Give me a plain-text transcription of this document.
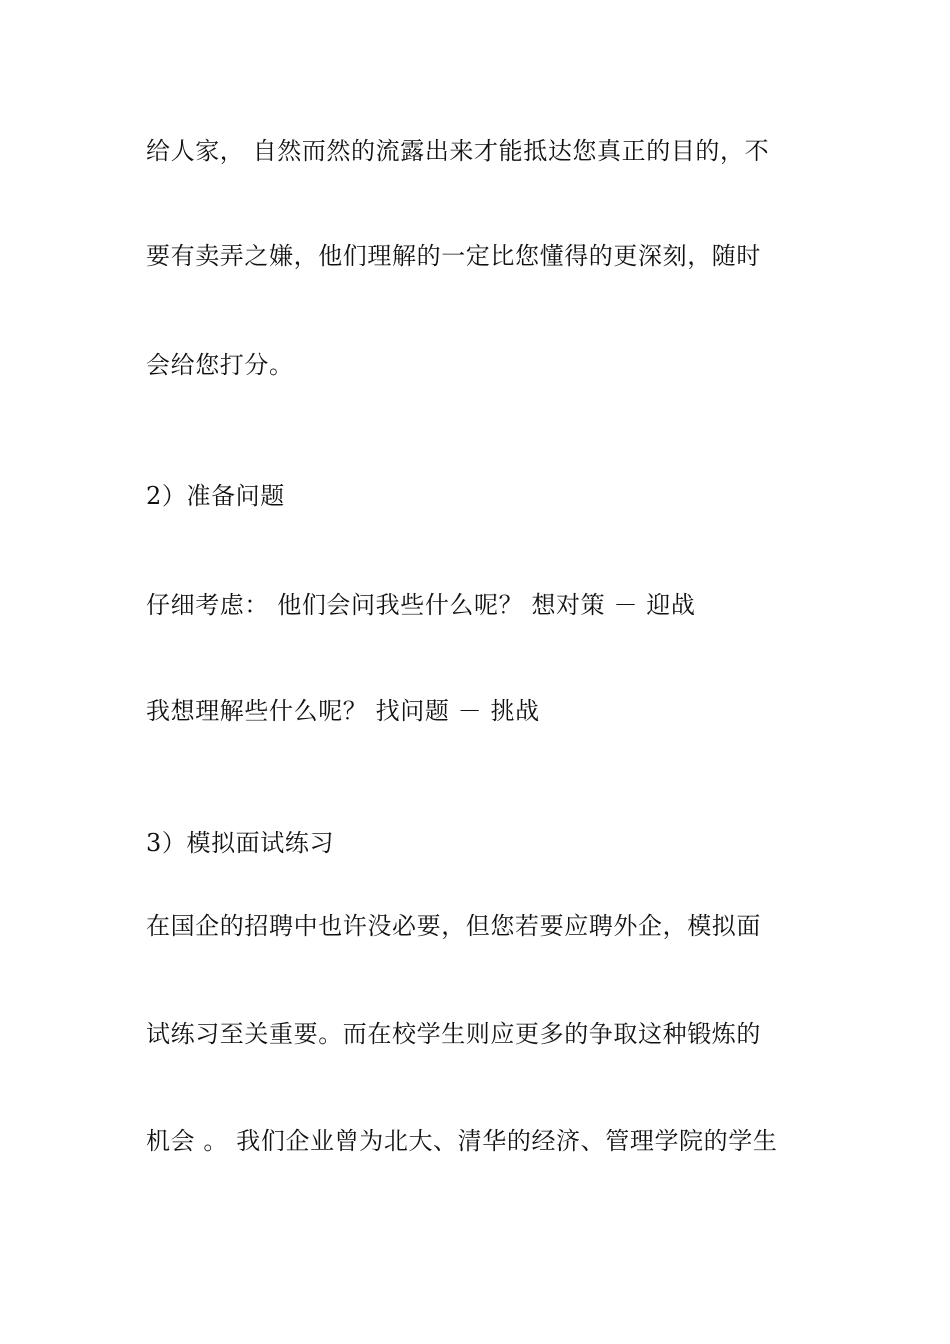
给人家， 自然而然的流露出来才能抵达您真正的目的，不
要有卖弄之嫌，他们理解的一定比您懂得的更深刻，随时
会给您打分。
2）准备问题
仔细考虑： 他们会问我些什么呢？ 想对策 － 迎战
我想理解些什么呢？ 找问题 － 挑战
3）模拟面试练习
在国企的招聘中也许没必要，但您若要应聘外企，模拟面
试练习至关重要。而在校学生则应更多的争取这种锻炼的
机会 。 我们企业曾为北大、清华的经济、管理学院的学生
